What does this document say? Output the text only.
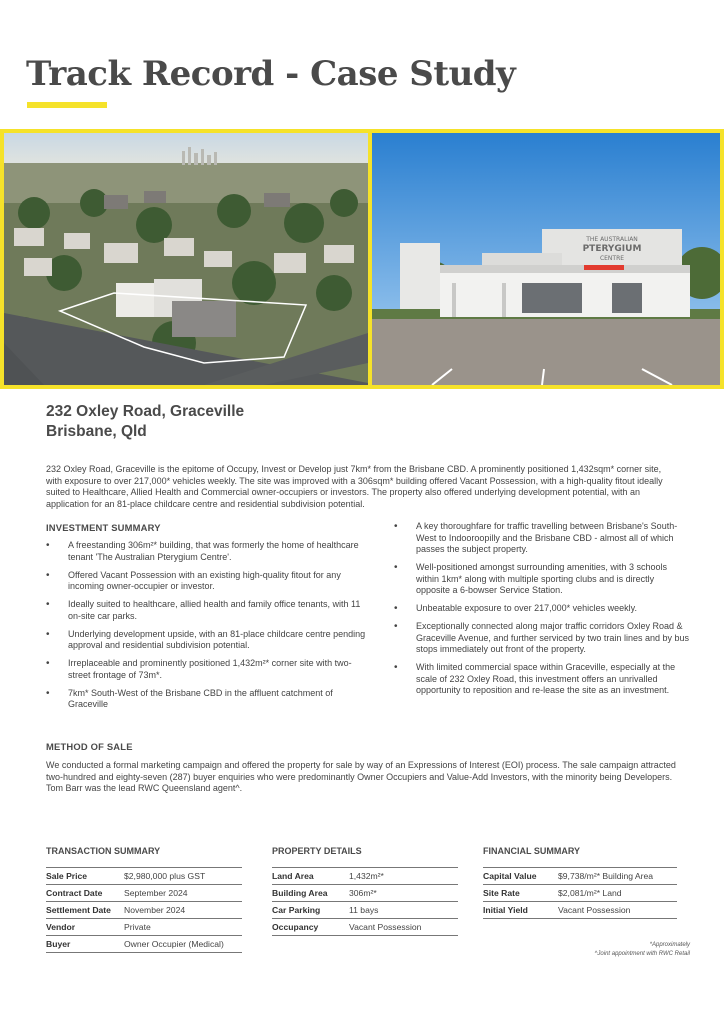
Track Record - Case Study
THE AUSTRALIAN
PTERYGIUM
CENTRE
232 Oxley Road, Graceville
Brisbane, Qld

232 Oxley Road, Graceville is the epitome of Occupy, Invest or Develop just 7km* from the Brisbane CBD. A prominently positioned 1,432sqm* corner site, with exposure to over 217,000* vehicles weekly. The site was improved with a 306sqm* building offered Vacant Possession, with a high-quality fitout ideally suited to Healthcare, Allied Health and Commercial owner-occupiers or investors. The property also offered underlying development potential, with an application for an 81-place childcare centre and residential subdivision potential.

INVESTMENT SUMMARY
• A freestanding 306m²* building, that was formerly the home of healthcare tenant 'The Australian Pterygium Centre'.
• Offered Vacant Possession with an existing high-quality fitout for any incoming owner-occupier or investor.
• Ideally suited to healthcare, allied health and family office tenants, with 11 on-site car parks.
• Underlying development upside, with an 81-place childcare centre pending approval and residential subdivision potential.
• Irreplaceable and prominently positioned 1,432m²* corner site with two-street frontage of 73m*.
• 7km* South-West of the Brisbane CBD in the affluent catchment of Graceville
• A key thoroughfare for traffic travelling between Brisbane's South-West to Indooroopilly and the Brisbane CBD - almost all of which passes the subject property.
• Well-positioned amongst surrounding amenities, with 3 schools within 1km* along with multiple sporting clubs and is directly opposite a 6-bowser Service Station.
• Unbeatable exposure to over 217,000* vehicles weekly.
• Exceptionally connected along major traffic corridors Oxley Road & Graceville Avenue, and further serviced by two train lines and by bus stops immediately out front of the property.
• With limited commercial space within Graceville, especially at the scale of 232 Oxley Road, this investment offers an unrivalled opportunity to reposition and re-lease the site as an investment.
METHOD OF SALE

We conducted a formal marketing campaign and offered the property for sale by way of an Expressions of Interest (EOI) process. The sale campaign attracted two-hundred and eighty-seven (287) buyer enquiries who were predominantly Owner Occupiers and Value-Add Investors, with the minority being Developers. Tom Barr was the lead RWC Queensland agent^.

TRANSACTION SUMMARY
Sale Price	$2,980,000 plus GST
Contract Date	September 2024
Settlement Date	November 2024
Vendor	Private
Buyer	Owner Occupier (Medical)
PROPERTY DETAILS
Land Area	1,432m²*
Building Area	306m²*
Car Parking	11 bays
Occupancy	Vacant Possession
FINANCIAL SUMMARY
Capital Value	$9,738/m²* Building Area
Site Rate	$2,081/m²* Land
Initial Yield	Vacant Possession
*Approximately
^Joint appointment with RWC Retail
